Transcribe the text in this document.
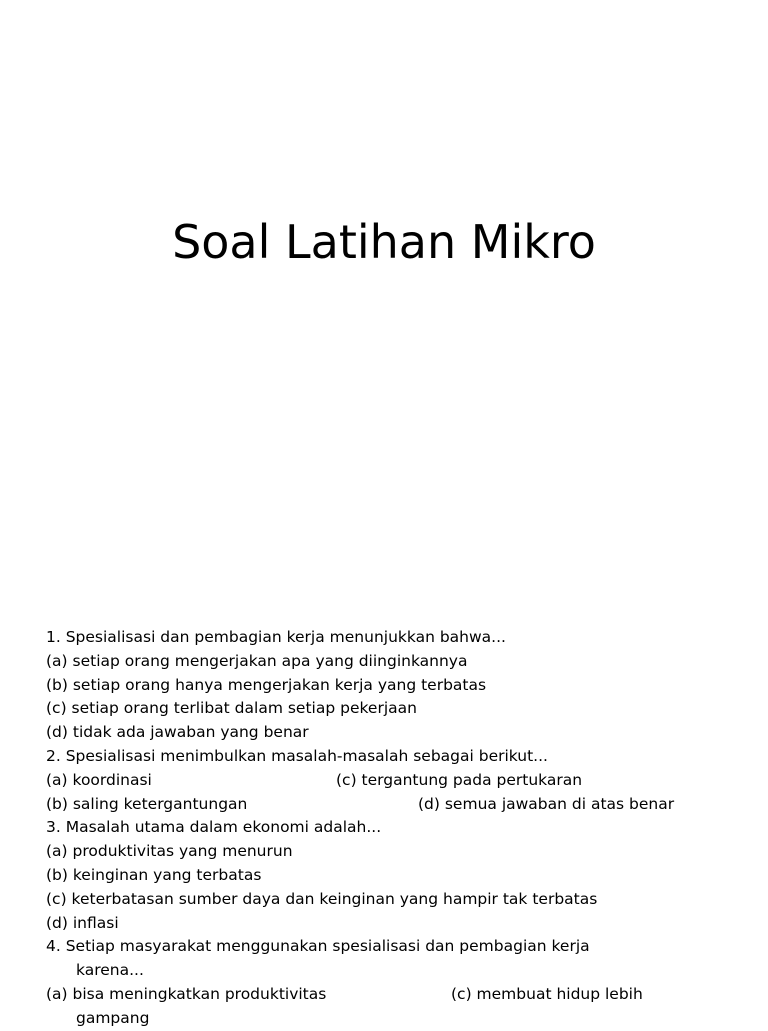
Soal Latihan Mikro
1. Spesialisasi dan pembagian kerja menunjukkan bahwa...
(a) setiap orang mengerjakan apa yang diinginkannya
(b) setiap orang hanya mengerjakan kerja yang terbatas
(c) setiap orang terlibat dalam setiap pekerjaan
(d) tidak ada jawaban yang benar
2. Spesialisasi menimbulkan masalah-masalah sebagai berikut...
(a) koordinasi	(c) tergantung pada pertukaran
(b) saling ketergantungan	(d) semua jawaban di atas benar
3. Masalah utama dalam ekonomi adalah...
(a) produktivitas yang menurun
(b) keinginan yang terbatas
(c) keterbatasan sumber daya dan keinginan yang hampir tak terbatas
(d) inflasi
4. Setiap masyarakat menggunakan spesialisasi dan pembagian kerja
karena...
(a) bisa meningkatkan produktivitas	(c) membuat hidup lebih
gampang
